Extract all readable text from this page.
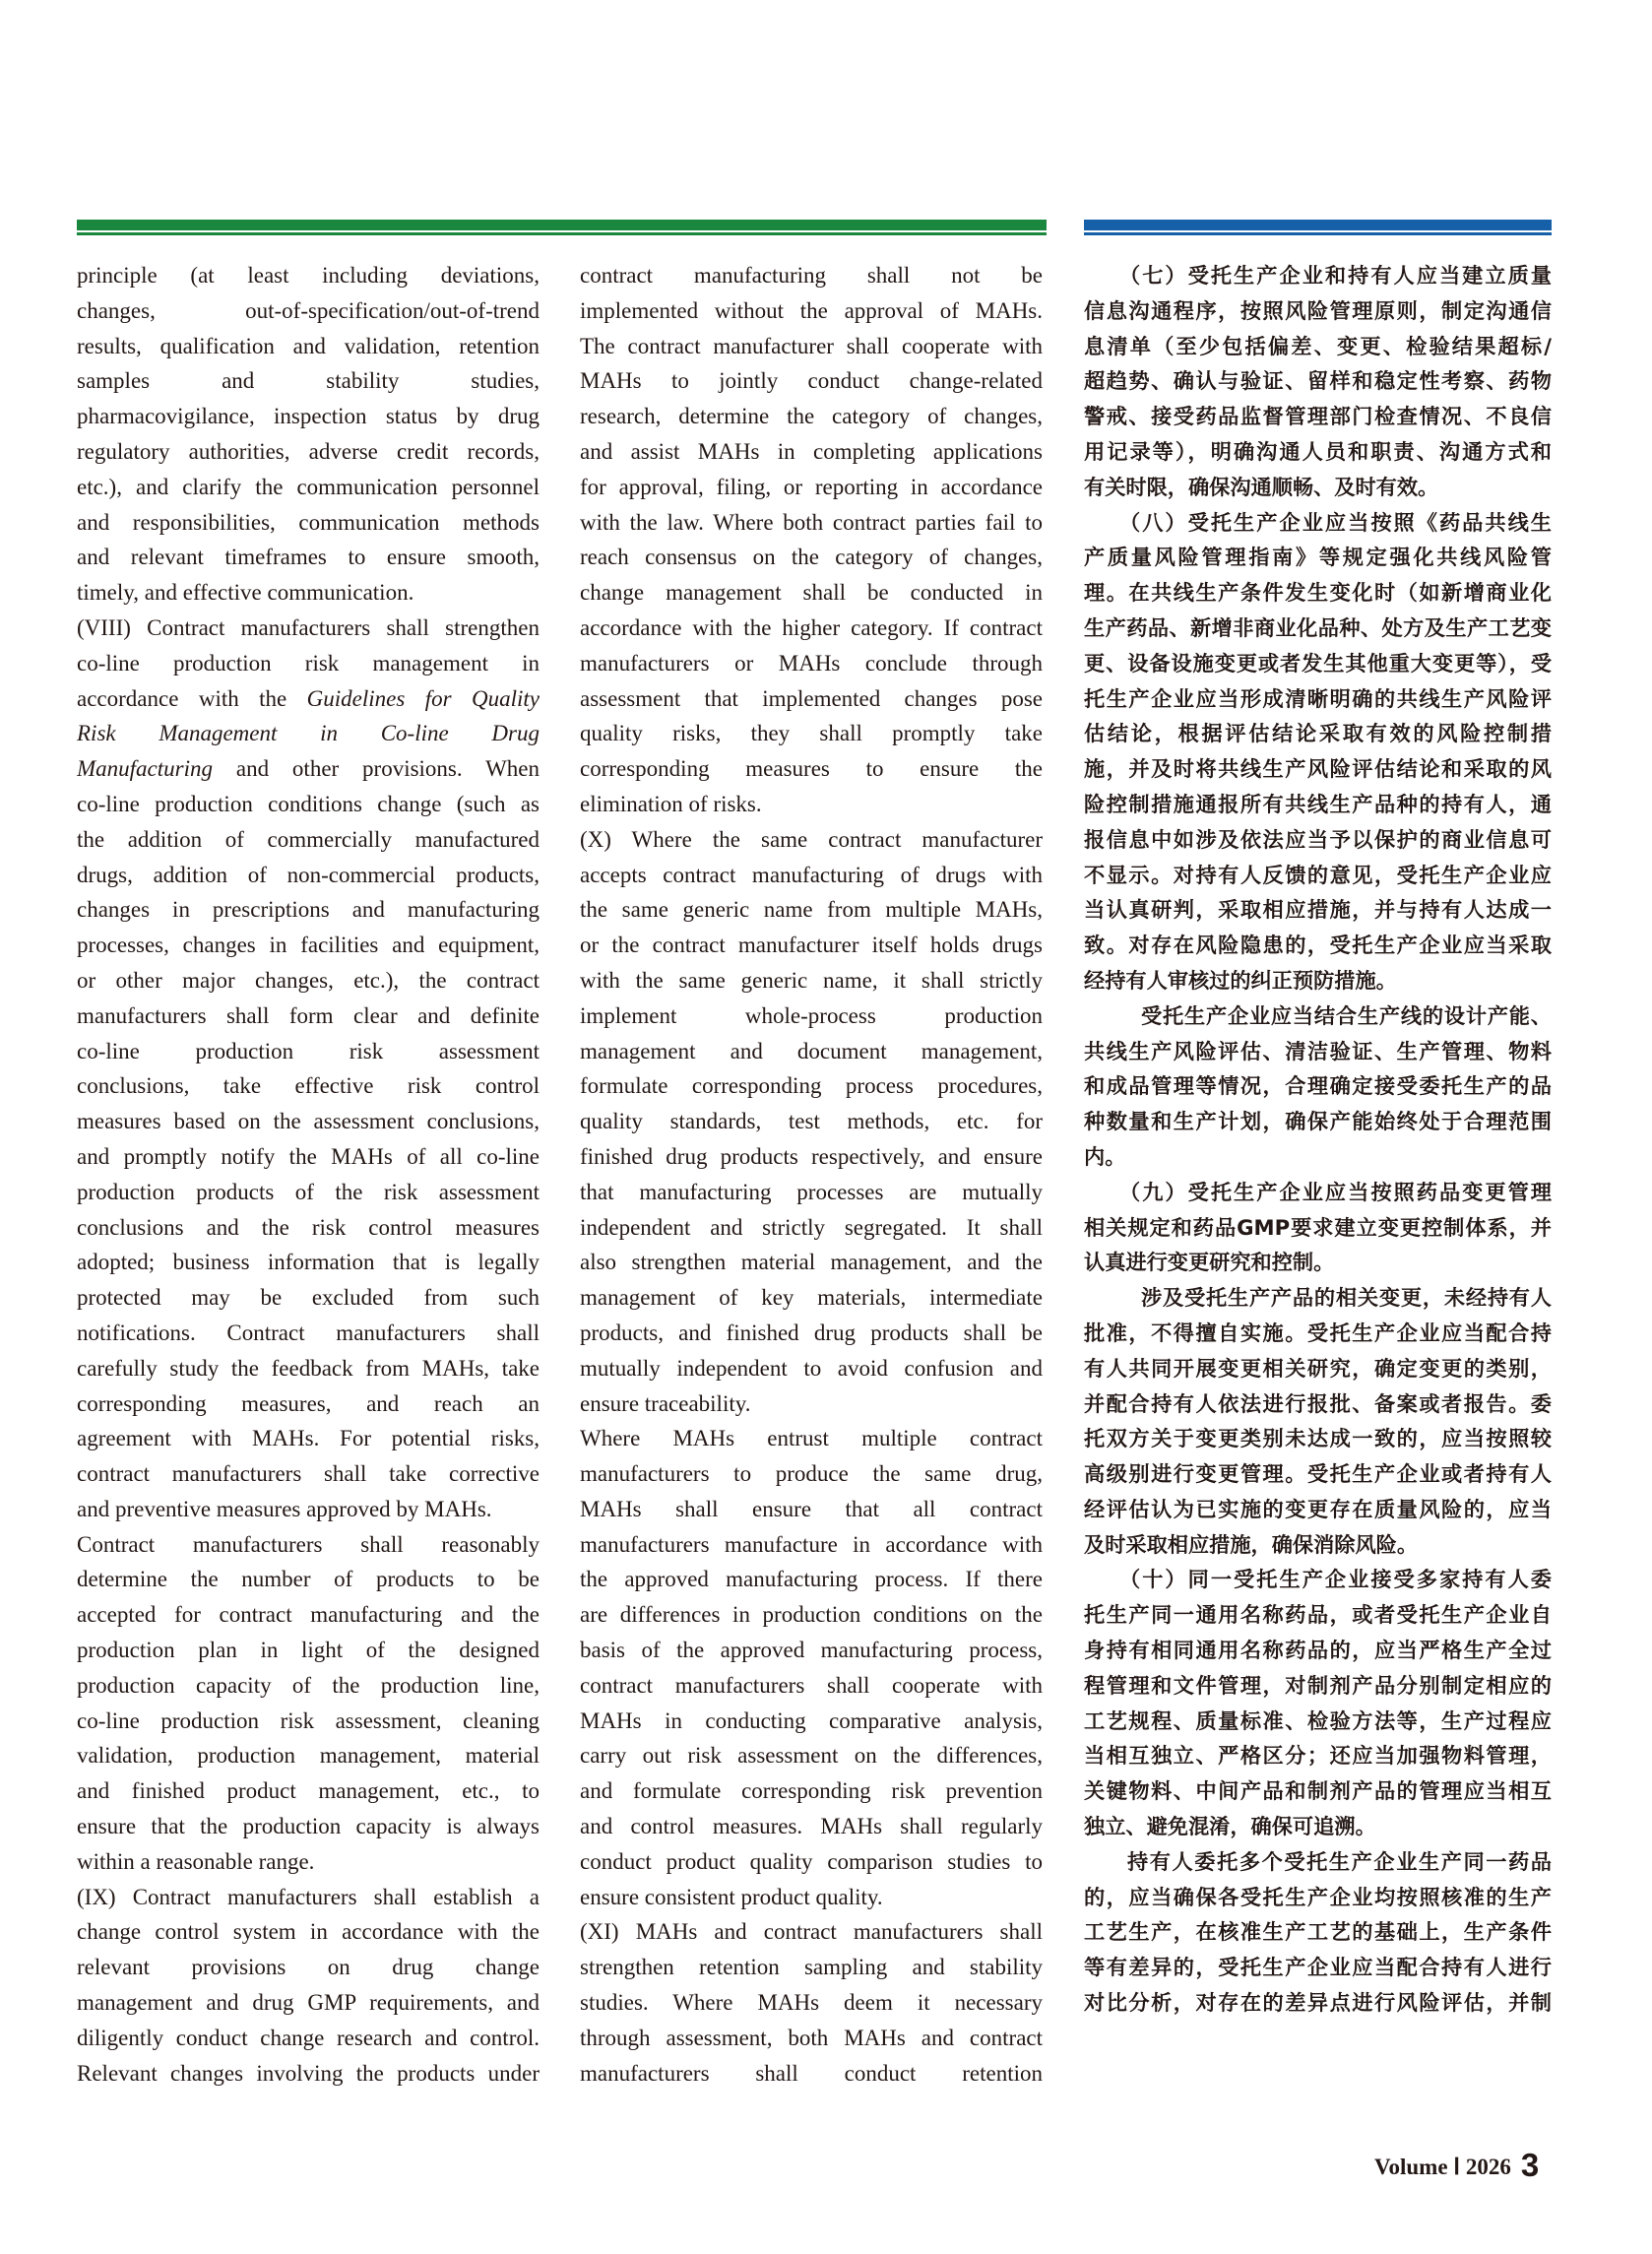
principle (at least including deviations,
changes, out-of-specification/out-of-trend
results, qualification and validation, retention
samples and stability studies,
pharmacovigilance, inspection status by drug
regulatory authorities, adverse credit records,
etc.), and clarify the communication personnel
and responsibilities, communication methods
and relevant timeframes to ensure smooth,
timely, and effective communication.
(VIII) Contract manufacturers shall strengthen
co-line production risk management in
accordance with the Guidelines for Quality
Risk Management in Co-line Drug
Manufacturing and other provisions. When
co-line production conditions change (such as
the addition of commercially manufactured
drugs, addition of non-commercial products,
changes in prescriptions and manufacturing
processes, changes in facilities and equipment,
or other major changes, etc.), the contract
manufacturers shall form clear and definite
co-line production risk assessment
conclusions, take effective risk control
measures based on the assessment conclusions,
and promptly notify the MAHs of all co-line
production products of the risk assessment
conclusions and the risk control measures
adopted; business information that is legally
protected may be excluded from such
notifications. Contract manufacturers shall
carefully study the feedback from MAHs, take
corresponding measures, and reach an
agreement with MAHs. For potential risks,
contract manufacturers shall take corrective
and preventive measures approved by MAHs.
Contract manufacturers shall reasonably
determine the number of products to be
accepted for contract manufacturing and the
production plan in light of the designed
production capacity of the production line,
co-line production risk assessment, cleaning
validation, production management, material
and finished product management, etc., to
ensure that the production capacity is always
within a reasonable range.
(IX) Contract manufacturers shall establish a
change control system in accordance with the
relevant provisions on drug change
management and drug GMP requirements, and
diligently conduct change research and control.
Relevant changes involving the products under
contract manufacturing shall not be
implemented without the approval of MAHs.
The contract manufacturer shall cooperate with
MAHs to jointly conduct change-related
research, determine the category of changes,
and assist MAHs in completing applications
for approval, filing, or reporting in accordance
with the law. Where both contract parties fail to
reach consensus on the category of changes,
change management shall be conducted in
accordance with the higher category. If contract
manufacturers or MAHs conclude through
assessment that implemented changes pose
quality risks, they shall promptly take
corresponding measures to ensure the
elimination of risks.
(X) Where the same contract manufacturer
accepts contract manufacturing of drugs with
the same generic name from multiple MAHs,
or the contract manufacturer itself holds drugs
with the same generic name, it shall strictly
implement whole-process production
management and document management,
formulate corresponding process procedures,
quality standards, test methods, etc. for
finished drug products respectively, and ensure
that manufacturing processes are mutually
independent and strictly segregated. It shall
also strengthen material management, and the
management of key materials, intermediate
products, and finished drug products shall be
mutually independent to avoid confusion and
ensure traceability.
Where MAHs entrust multiple contract
manufacturers to produce the same drug,
MAHs shall ensure that all contract
manufacturers manufacture in accordance with
the approved manufacturing process. If there
are differences in production conditions on the
basis of the approved manufacturing process,
contract manufacturers shall cooperate with
MAHs in conducting comparative analysis,
carry out risk assessment on the differences,
and formulate corresponding risk prevention
and control measures. MAHs shall regularly
conduct product quality comparison studies to
ensure consistent product quality.
(XI) MAHs and contract manufacturers shall
strengthen retention sampling and stability
studies. Where MAHs deem it necessary
through assessment, both MAHs and contract
manufacturers shall conduct retention
（七）受托生产企业和持有人应当建立质量
信息沟通程序，按照风险管理原则，制定沟通信
息清单（至少包括偏差、变更、检验结果超标/
超趋势、确认与验证、留样和稳定性考察、药物
警戒、接受药品监督管理部门检查情况、不良信
用记录等），明确沟通人员和职责、沟通方式和
有关时限，确保沟通顺畅、及时有效。
（八）受托生产企业应当按照《药品共线生
产质量风险管理指南》等规定强化共线风险管
理。在共线生产条件发生变化时（如新增商业化
生产药品、新增非商业化品种、处方及生产工艺变
更、设备设施变更或者发生其他重大变更等），受
托生产企业应当形成清晰明确的共线生产风险评
估结论，根据评估结论采取有效的风险控制措
施，并及时将共线生产风险评估结论和采取的风
险控制措施通报所有共线生产品种的持有人，通
报信息中如涉及依法应当予以保护的商业信息可
不显示。对持有人反馈的意见，受托生产企业应
当认真研判，采取相应措施，并与持有人达成一
致。对存在风险隐患的，受托生产企业应当采取
经持有人审核过的纠正预防措施。
受托生产企业应当结合生产线的设计产能、
共线生产风险评估、清洁验证、生产管理、物料
和成品管理等情况，合理确定接受委托生产的品
种数量和生产计划，确保产能始终处于合理范围
内。
（九）受托生产企业应当按照药品变更管理
相关规定和药品GMP要求建立变更控制体系，并
认真进行变更研究和控制。
涉及受托生产产品的相关变更，未经持有人
批准，不得擅自实施。受托生产企业应当配合持
有人共同开展变更相关研究，确定变更的类别，
并配合持有人依法进行报批、备案或者报告。委
托双方关于变更类别未达成一致的，应当按照较
高级别进行变更管理。受托生产企业或者持有人
经评估认为已实施的变更存在质量风险的，应当
及时采取相应措施，确保消除风险。
（十）同一受托生产企业接受多家持有人委
托生产同一通用名称药品，或者受托生产企业自
身持有相同通用名称药品的，应当严格生产全过
程管理和文件管理，对制剂产品分别制定相应的
工艺规程、质量标准、检验方法等，生产过程应
当相互独立、严格区分；还应当加强物料管理，
关键物料、中间产品和制剂产品的管理应当相互
独立、避免混淆，确保可追溯。
持有人委托多个受托生产企业生产同一药品
的，应当确保各受托生产企业均按照核准的生产
工艺生产，在核准生产工艺的基础上，生产条件
等有差异的，受托生产企业应当配合持有人进行
对比分析，对存在的差异点进行风险评估，并制
Volume Ⅰ 2026 3
